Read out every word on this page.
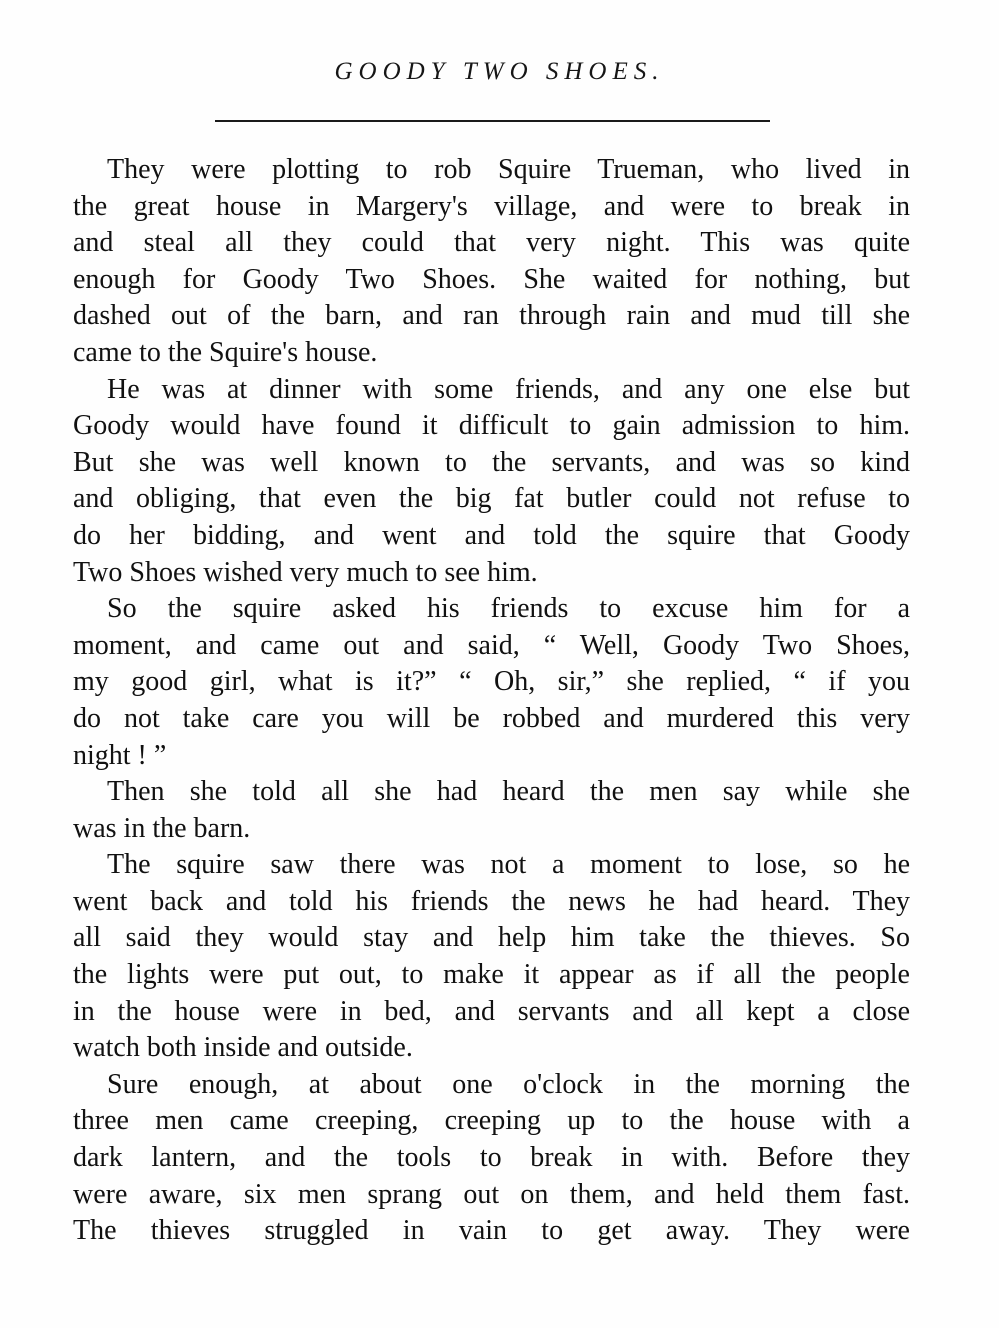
GOODY TWO SHOES.
They were plotting to rob Squire Trueman, who lived in
the great house in Margery's village, and were to break in
and steal all they could that very night. This was quite
enough for Goody Two Shoes. She waited for nothing, but
dashed out of the barn, and ran through rain and mud till she
came to the Squire's house.
He was at dinner with some friends, and any one else but
Goody would have found it difficult to gain admission to him.
But she was well known to the servants, and was so kind
and obliging, that even the big fat butler could not refuse to
do her bidding, and went and told the squire that Goody
Two Shoes wished very much to see him.
So the squire asked his friends to excuse him for a
moment, and came out and said, “ Well, Goody Two Shoes,
my good girl, what is it?” “ Oh, sir,” she replied, “ if you
do not take care you will be robbed and murdered this very
night ! ”
Then she told all she had heard the men say while she
was in the barn.
The squire saw there was not a moment to lose, so he
went back and told his friends the news he had heard. They
all said they would stay and help him take the thieves. So
the lights were put out, to make it appear as if all the people
in the house were in bed, and servants and all kept a close
watch both inside and outside.
Sure enough, at about one o'clock in the morning the
three men came creeping, creeping up to the house with a
dark lantern, and the tools to break in with. Before they
were aware, six men sprang out on them, and held them fast.
The thieves struggled in vain to get away. They were
